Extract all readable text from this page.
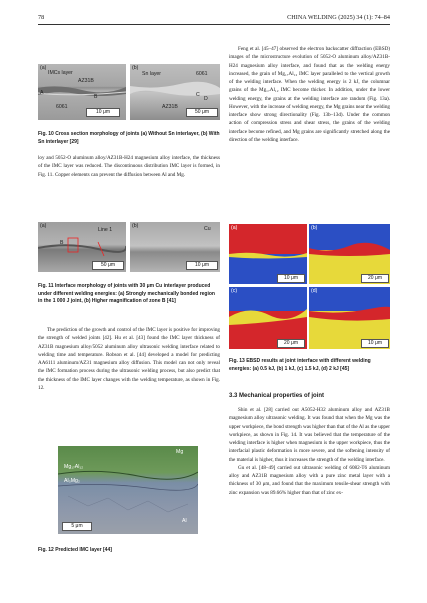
78	CHINA WELDING (2025) 34 (1): 74–84
(a)
IMCs layer
AZ31B
A
B
6061
10 μm
(b)
Sn layer	6061
C
D
AZ31B
50 μm
Fig. 10 Cross section morphology of joints (a) Without Sn interlayer, (b) With Sn interlayer [29]

loy and 5052-O aluminum alloy/AZ31B-H24 magnesium alloy interface, the thickness of the IMC layer was reduced. The discontinuous distribution IMC layer is formed, in Fig. 11. Copper elements can prevent the diffusion between Al and Mg.

(a)
Line 1
B
50 μm
(b)	Cu
10 μm
Fig. 11 Interface morphology of joints with 30 μm Cu interlayer produced under different welding energies: (a) Strongly mechanically bonded region in the 1 000 J joint, (b) Higher magnification of zone B [41]

The prediction of the growth and control of the IMC layer is positive for improving the strength of welded joints [42]. Hu et al. [43] found the IMC layer thickness of AZ31B magnesium alloy/5052 aluminum alloy ultrasonic welding interface related to welding time and temperature. Robson et al. [44] developed a model for predicting AA6111 aluminum/AZ31 magnesium alloy diffusion. This model can not only reveal the IMC formation process during the ultrasonic welding process, but also predict that the thickness of the IMC layer changes with the welding temperature, as shown in Fig. 12.

Mg
Mg₁₇Al₁₂
Al₃Mg₂
Al
5 μm
Fig. 12 Predicted IMC layer [44]

Feng et al. [45–47] observed the electron backscatter diffraction (EBSD) images of the microstructure evolution of 5052-O aluminum alloy/AZ31B-H24 magnesium alloy interface, and found that as the welding energy increased, the grain of Mg₁₇Al₁₂ IMC layer paralleled to the vertical growth of the welding interface. When the welding energy is 2 kJ, the columnar grains of the Mg₁₇Al₁₂ IMC become thicker. In addition, under the lower welding energy, the grains at the welding interface are random (Fig. 13a). However, with the increase of welding energy, the Mg grains near the welding interface show strong directionality (Fig. 13b–13d). Under the common action of compression stress and shear stress, the grains of the welding interface become refined, and Mg grains are significantly stretched along the direction of the welding interface.

(a)
10 μm
(b)
20 μm
(c)
20 μm
(d)
10 μm
Fig. 13 EBSD results at joint interface with different welding energies: (a) 0.5 kJ, (b) 1 kJ, (c) 1.5 kJ, (d) 2 kJ [45]
3.3 Mechanical properties of joint

Shin et al. [28] carried out A5052-H32 aluminum alloy and AZ31B magnesium alloy ultrasonic welding. It was found that when the Mg was the upper workpiece, the bond strength was higher than that of the Al as the upper workpiece, as shown in Fig. 14. It was believed that the temperature of the welding interface is higher when magnesium is the upper workpiece, thus the interfacial plastic deformation is more severe, and the softening intensity of the material is higher, thus it increases the strength of the welding interface.

Gu et al. [48–49] carried out ultrasonic welding of 6082-T6 aluminum alloy and AZ31B magnesium alloy with a pure zinc metal layer with a thickness of 30 μm, and found that the maximum tensile-shear strength with zinc expansion was 89.66% higher than that of zinc ex-
